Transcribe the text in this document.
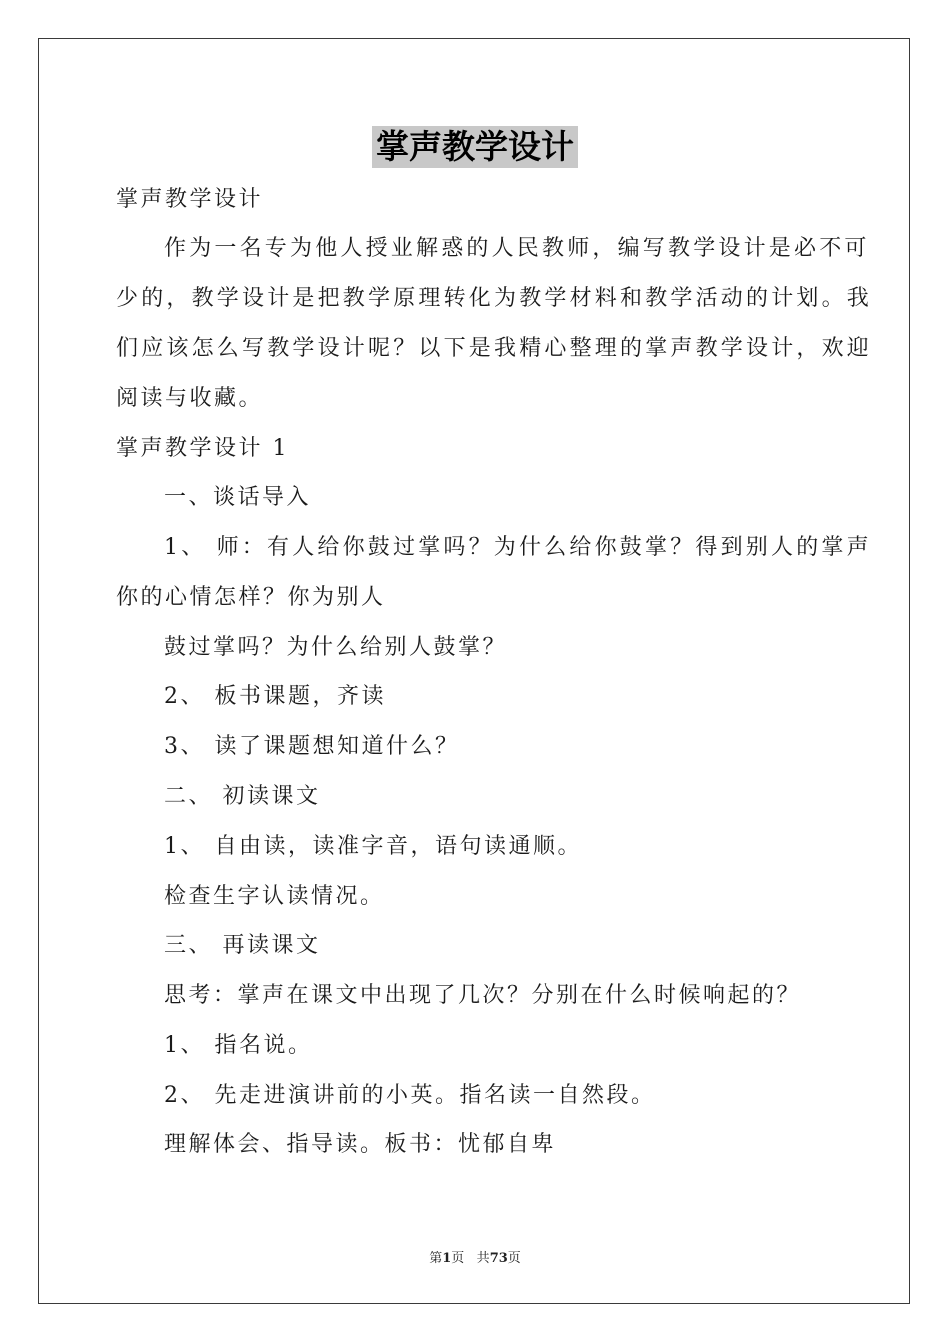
掌声教学设计
掌声教学设计
作为一名专为他人授业解惑的人民教师，编写教学设计是必不可
少的，教学设计是把教学原理转化为教学材料和教学活动的计划。我
们应该怎么写教学设计呢？以下是我精心整理的掌声教学设计，欢迎
阅读与收藏。
掌声教学设计 1
一、谈话导入
1、 师：有人给你鼓过掌吗？为什么给你鼓掌？得到别人的掌声
你的心情怎样？你为别人
鼓过掌吗？为什么给别人鼓掌？
2、 板书课题，齐读
3、 读了课题想知道什么？
二、 初读课文
1、 自由读，读准字音，语句读通顺。
检查生字认读情况。
三、 再读课文
思考：掌声在课文中出现了几次？分别在什么时候响起的？
1、 指名说。
2、 先走进演讲前的小英。指名读一自然段。
理解体会、指导读。板书：忧郁自卑
第1页 共73页
